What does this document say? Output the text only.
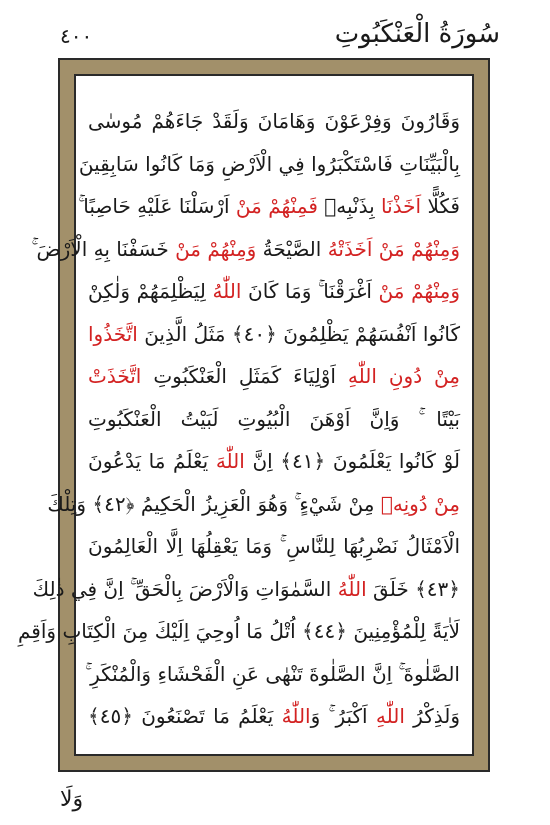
٤٠٠	سُورَةُ الْعَنْكَبُوتِ
وَقَارُونَ وَفِرْعَوْنَ وَهَامَانَ وَلَقَدْ جَاءَهُمْ مُوسٰى
بِالْبَيِّنَاتِ فَاسْتَكْبَرُوا فِي الْاَرْضِ وَمَا كَانُوا سَابِقِينَ
فَكُلًّا اَخَذْنَا بِذَنْبِهٖ فَمِنْهُمْ مَنْ اَرْسَلْنَا عَلَيْهِ حَاصِبًا ۚ
وَمِنْهُمْ مَنْ اَخَذَتْهُ الصَّيْحَةُ وَمِنْهُمْ مَنْ خَسَفْنَا بِهِ الْاَرْضَ ۚ
وَمِنْهُمْ مَنْ اَغْرَقْنَا ۚ وَمَا كَانَ اللّٰهُ لِيَظْلِمَهُمْ وَلٰكِنْ
كَانُوا اَنْفُسَهُمْ يَظْلِمُونَ ﴿٤٠﴾ مَثَلُ الَّذِينَ اتَّخَذُوا
مِنْ دُونِ اللّٰهِ اَوْلِيَاءَ كَمَثَلِ الْعَنْكَبُوتِ اتَّخَذَتْ
بَيْتًا ۚ وَاِنَّ اَوْهَنَ الْبُيُوتِ لَبَيْتُ الْعَنْكَبُوتِ
لَوْ كَانُوا يَعْلَمُونَ ﴿٤١﴾ اِنَّ اللّٰهَ يَعْلَمُ مَا يَدْعُونَ
مِنْ دُونِهٖ مِنْ شَيْءٍ ۚ وَهُوَ الْعَزِيزُ الْحَكِيمُ ﴿٤٢﴾ وَتِلْكَ
الْاَمْثَالُ نَضْرِبُهَا لِلنَّاسِ ۚ وَمَا يَعْقِلُهَا اِلَّا الْعَالِمُونَ
﴿٤٣﴾ خَلَقَ اللّٰهُ السَّمٰوَاتِ وَالْاَرْضَ بِالْحَقِّ ۚ اِنَّ فِي ذٰلِكَ
لَاٰيَةً لِلْمُؤْمِنِينَ ﴿٤٤﴾ اُتْلُ مَا اُوحِيَ اِلَيْكَ مِنَ الْكِتَابِ وَاَقِمِ
الصَّلٰوةَ ۚ اِنَّ الصَّلٰوةَ تَنْهٰى عَنِ الْفَحْشَاءِ وَالْمُنْكَرِ ۚ
وَلَذِكْرُ اللّٰهِ اَكْبَرُ ۚ وَاللّٰهُ يَعْلَمُ مَا تَصْنَعُونَ ﴿٤٥﴾
وَلَا
